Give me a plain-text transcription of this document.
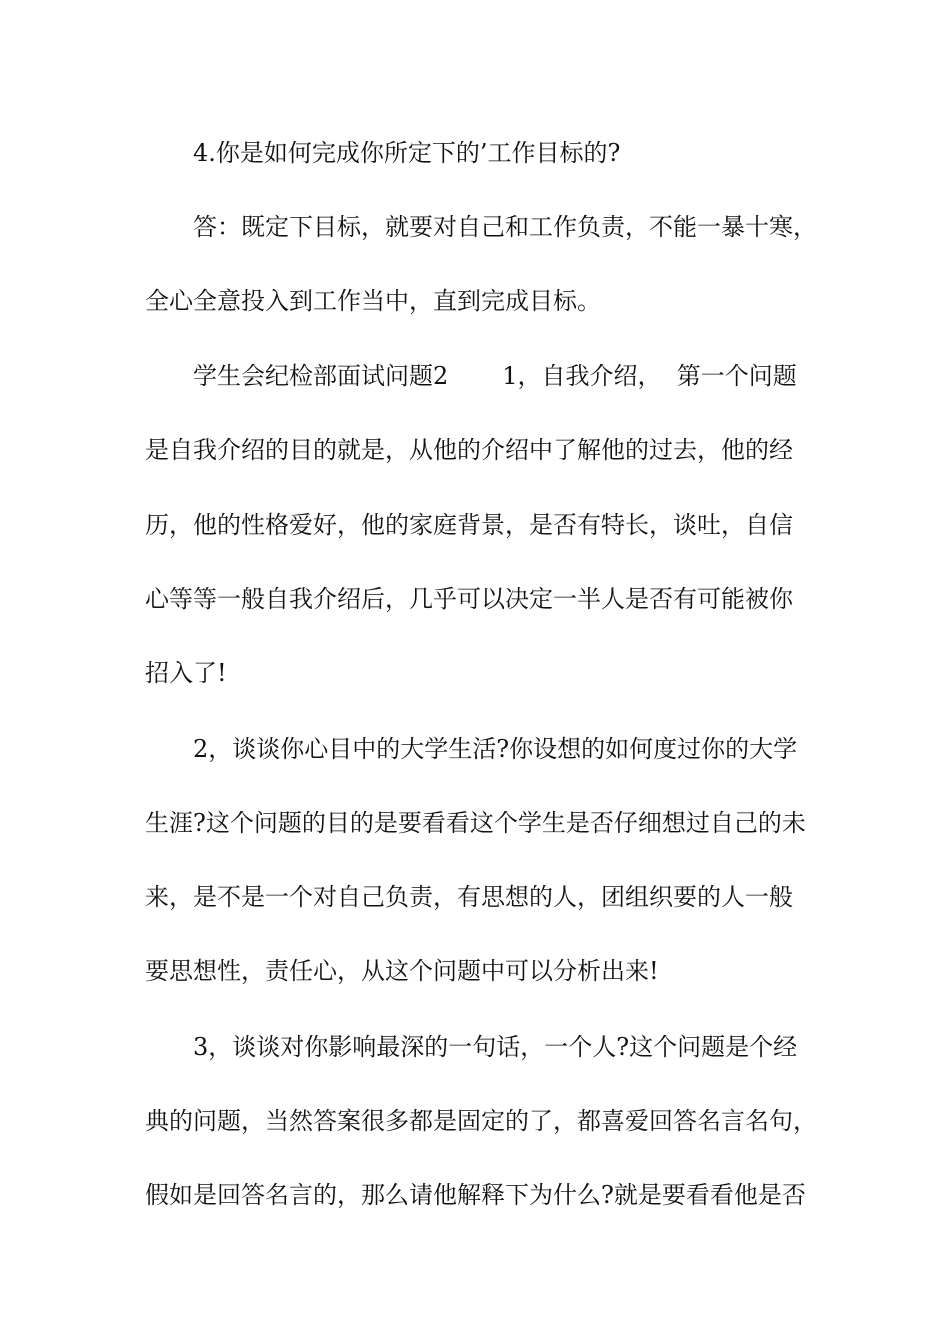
4.你是如何完成你所定下的’工作目标的?
答：既定下目标，就要对自己和工作负责，不能一暴十寒，
全心全意投入到工作当中，直到完成目标。
学生会纪检部面试问题2 1，自我介绍，  第一个问题
是自我介绍的目的就是，从他的介绍中了解他的过去，他的经
历，他的性格爱好，他的家庭背景，是否有特长，谈吐，自信
心等等一般自我介绍后，几乎可以决定一半人是否有可能被你
招入了!
2，谈谈你心目中的大学生活?你设想的如何度过你的大学
生涯?这个问题的目的是要看看这个学生是否仔细想过自己的未
来，是不是一个对自己负责，有思想的人，团组织要的人一般
要思想性，责任心，从这个问题中可以分析出来!
3，谈谈对你影响最深的一句话，一个人?这个问题是个经
典的问题，当然答案很多都是固定的了，都喜爱回答名言名句，
假如是回答名言的，那么请他解释下为什么?就是要看看他是否
